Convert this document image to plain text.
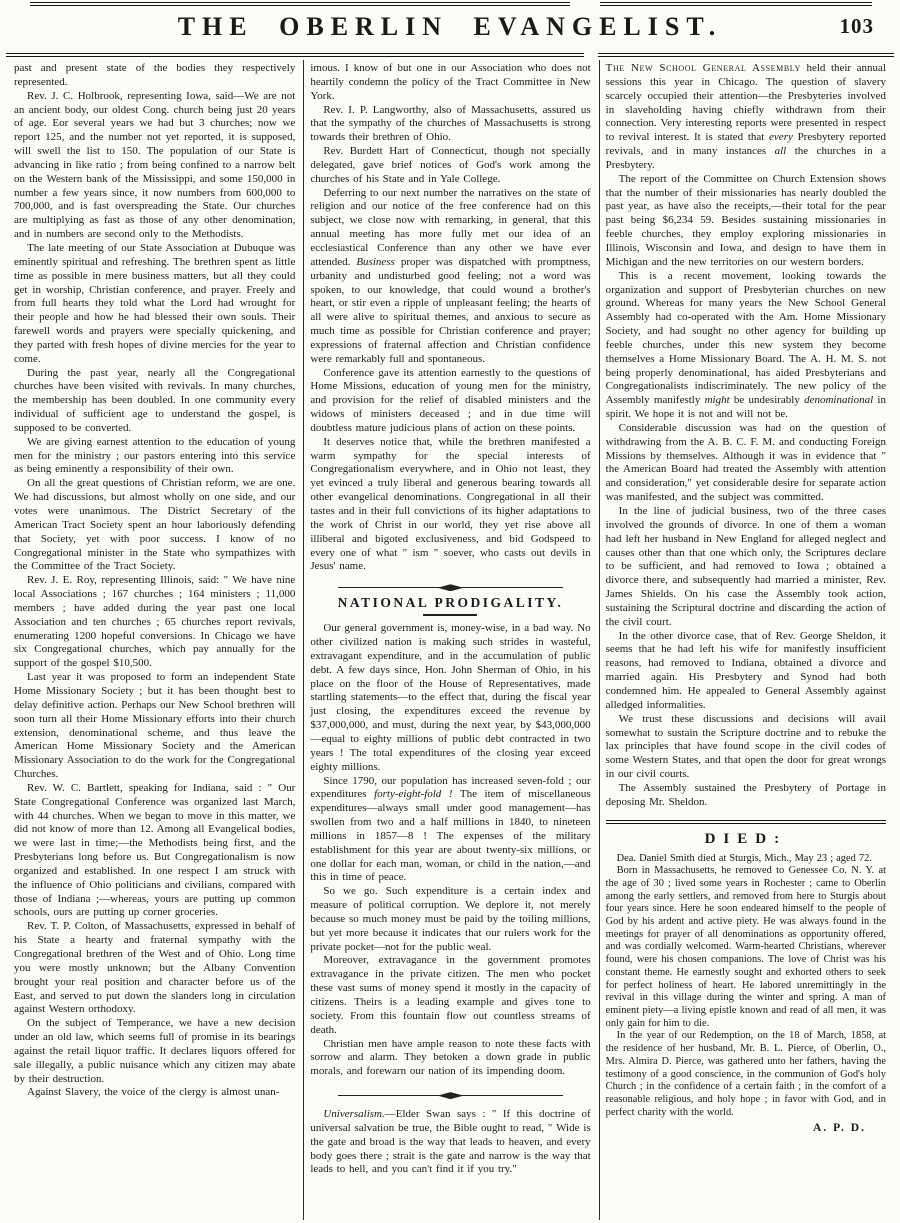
THE OBERLIN EVANGELIST.	103

past and present state of the bodies they respectively represented.

Rev. J. C. Holbrook, representing Iowa, said—We are not an ancient body, our oldest Cong. church being just 20 years of age. Eor several years we had but 3 churches; now we report 125, and the number not yet reported, it is supposed, will swell the list to 150. The population of our State is advancing in like ratio ; from being confined to a narrow belt on the Western bank of the Mississippi, and some 150,000 in number a few years since, it now numbers from 600,000 to 700,000, and is fast overspreading the State. Our churches are multiplying as fast as those of any other denomination, and in numbers are second only to the Methodists.

The late meeting of our State Association at Dubuque was eminently spiritual and refreshing. The brethren spent as little time as possible in mere business matters, but all they could get in worship, Christian conference, and prayer. Freely and from full hearts they told what the Lord had wrought for their people and how he had blessed their own souls. Their farewell words and prayers were specially quickening, and they parted with fresh hopes of divine mercies for the year to come.

During the past year, nearly all the Congregational churches have been visited with revivals. In many churches, the membership has been doubled. In one community every individual of sufficient age to understand the gospel, is supposed to be converted.

We are giving earnest attention to the education of young men for the ministry ; our pastors entering into this service as being eminently a responsibility of their own.

On all the great questions of Christian reform, we are one. We had discussions, but almost wholly on one side, and our votes were unanimous. The District Secretary of the American Tract Society spent an hour laboriously defending that Society, yet with poor success. I know of no Congregational minister in the State who sympathizes with the Committee of the Tract Society.

Rev. J. E. Roy, representing Illinois, said: " We have nine local Associations ; 167 churches ; 164 ministers ; 11,000 members ; have added during the year past one local Association and ten churches ; 65 churches report revivals, enumerating 1200 hopeful conversions. In Chicago we have six Congregational churches, which pay annually for the support of the gospel $10,500.

Last year it was proposed to form an independent State Home Missionary Society ; but it has been thought best to delay definitive action. Perhaps our New School brethren will soon turn all their Home Missionary efforts into their church extension, denominational scheme, and thus leave the American Home Missionary Society and the American Missionary Association to do the work for the Congregational Churches.

Rev. W. C. Bartlett, speaking for Indiana, said : " Our State Congregational Conference was organized last March, with 44 churches. When we began to move in this matter, we did not know of more than 12. Among all Evangelical bodies, we were last in time;—the Methodists being first, and the Presbyterians long before us. But Congregationalism is now organized and established. In one respect I am struck with the influence of Ohio politicians and civilians, compared with those of Indiana ;—whereas, yours are putting up common schools, ours are putting up corner groceries.

Rev. T. P. Colton, of Massachusetts, expressed in behalf of his State a hearty and fraternal sympathy with the Congregational brethren of the West and of Ohio. Long time you were mostly unknown; but the Albany Convention brought your real position and character before us of the East, and served to put down the slanders long in circulation against Western orthodoxy.

On the subject of Temperance, we have a new decision under an old law, which seems full of promise in its bearings against the retail liquor traffic. It declares liquors offered for sale illegally, a public nuisance which any citizen may abate by their destruction.

Against Slavery, the voice of the clergy is almost unan-

imous. I know of but one in our Association who does not heartily condemn the policy of the Tract Committee in New York.

Rev. I. P. Langworthy, also of Massachusetts, assured us that the sympathy of the churches of Massachusetts is strong towards their brethren of Ohio.

Rev. Burdett Hart of Connecticut, though not specially delegated, gave brief notices of God's work among the churches of his State and in Yale College.

Deferring to our next number the narratives on the state of religion and our notice of the free conference had on this subject, we close now with remarking, in general, that this annual meeting has more fully met our idea of an ecclesiastical Conference than any other we have ever attended. Business proper was dispatched with promptness, urbanity and undisturbed good feeling; not a word was spoken, to our knowledge, that could wound a brother's heart, or stir even a ripple of unpleasant feeling; the hearts of all were alive to spiritual themes, and anxious to secure as much time as possible for Christian conference and prayer; expressions of fraternal affection and Christian confidence were remarkably full and spontaneous.

Conference gave its attention earnestly to the questions of Home Missions, education of young men for the ministry, and provision for the relief of disabled ministers and the widows of ministers deceased ; and in due time will doubtless mature judicious plans of action on these points.

It deserves notice that, while the brethren manifested a warm sympathy for the special interests of Congregationalism everywhere, and in Ohio not least, they yet evinced a truly liberal and generous bearing towards all other evangelical denominations. Congregational in all their tastes and in their full convictions of its higher adaptations to the work of Christ in our world, they yet rise above all illiberal and bigoted exclusiveness, and bid Godspeed to every one of what " ism " soever, who casts out devils in Jesus' name.

NATIONAL PRODIGALITY.

Our general government is, money-wise, in a bad way. No other civilized nation is making such strides in wasteful, extravagant expenditure, and in the accumulation of public debt. A few days since, Hon. John Sherman of Ohio, in his place on the floor of the House of Representatives, made startling statements—to the effect that, during the fiscal year just closing, the expenditures exceed the revenue by $37,000,000, and must, during the next year, by $43,000,000—equal to eighty millions of public debt contracted in two years ! The total expenditures of the closing year exceed eighty millions.

Since 1790, our population has increased seven-fold ; our expenditures forty-eight-fold ! The item of miscellaneous expenditures—always small under good management—has swollen from two and a half millions in 1840, to nineteen millions in 1857—8 ! The expenses of the military establishment for this year are about twenty-six millions, or one dollar for each man, woman, or child in the nation,—and this in time of peace.

So we go. Such expenditure is a certain index and measure of political corruption. We deplore it, not merely because so much money must be paid by the toiling millions, but yet more because it indicates that our rulers work for the private pocket—not for the public weal.

Moreover, extravagance in the government promotes extravagance in the private citizen. The men who pocket these vast sums of money spend it mostly in the capacity of citizens. Theirs is a leading example and gives tone to society. From this fountain flow out countless streams of death.

Christian men have ample reason to note these facts with sorrow and alarm. They betoken a down grade in public morals, and forewarn our nation of its impending doom.

Universalism.—Elder Swan says : " If this doctrine of universal salvation be true, the Bible ought to read, " Wide is the gate and broad is the way that leads to heaven, and every body goes there ; strait is the gate and narrow is the way that leads to hell, and you can't find it if you try."

The New School General Assembly held their annual sessions this year in Chicago. The question of slavery scarcely occupied their attention—the Presbyteries involved in slaveholding having chiefly withdrawn from their connection. Very interesting reports were presented in respect to revival interest. It is stated that every Presbytery reported revivals, and in many instances all the churches in a Presbytery.

The report of the Committee on Church Extension shows that the number of their missionaries has nearly doubled the past year, as have also the receipts,—their total for the pear past being $6,234 59. Besides sustaining missionaries in feeble churches, they employ exploring missionaries in Illinois, Wisconsin and Iowa, and design to have them in Michigan and the new territories on our western borders.

This is a recent movement, looking towards the organization and support of Presbyterian churches on new ground. Whereas for many years the New School General Assembly had co-operated with the Am. Home Missionary Society, and had sought no other agency for building up feeble churches, under this new system they become themselves a Home Missionary Board. The A. H. M. S. not being properly denominational, has aided Presbyterians and Congregationalists indiscriminately. The new policy of the Assembly manifestly might be undesirably denominational in spirit. We hope it is not and will not be.

Considerable discussion was had on the question of withdrawing from the A. B. C. F. M. and conducting Foreign Missions by themselves. Although it was in evidence that " the American Board had treated the Assembly with attention and consideration," yet considerable desire for separate action was manifested, and the subject was committed.

In the line of judicial business, two of the three cases involved the grounds of divorce. In one of them a woman had left her husband in New England for alleged neglect and causes other than that one which only, the Scriptures declare to be sufficient, and had removed to Iowa ; obtained a divorce there, and subsequently had married a minister, Rev. James Shields. On his case the Assembly took action, sustaining the Scriptural doctrine and discarding the action of the civil court.

In the other divorce case, that of Rev. George Sheldon, it seems that he had left his wife for manifestly insufficient reasons, had removed to Indiana, obtained a divorce and married again. His Presbytery and Synod had both condemned him. He appealed to General Assembly against alledged informalities.

We trust these discussions and decisions will avail somewhat to sustain the Scripture doctrine and to rebuke the lax principles that have found scope in the civil codes of some Western States, and that open the door for great wrongs in our civil courts.

The Assembly sustained the Presbytery of Portage in deposing Mr. Sheldon.

DIED:

Dea. Daniel Smith died at Sturgis, Mich., May 23 ; aged 72.

Born in Massachusetts, he removed to Genessee Co. N. Y. at the age of 30 ; lived some years in Rochester ; came to Oberlin among the early settlers, and removed from here to Sturgis about four years since. Here he soon endeared himself to the people of God by his ardent and active piety. He was always found in the meetings for prayer of all denominations as opportunity offered, and was cordially welcomed. Warm-hearted Christians, wherever found, were his chosen companions. The love of Christ was his constant theme. He earnestly sought and exhorted others to seek for perfect holiness of heart. He labored unremittingly in the revival in this village during the winter and spring. A man of eminent piety—a living epistle known and read of all men, it was only gain for him to die.

In the year of our Redemption, on the 18 of March, 1858, at the residence of her husband, Mr. B. L. Pierce, of Oberlin, O., Mrs. Almira D. Pierce, was gathered unto her fathers, having the testimony of a good conscience, in the communion of God's holy Church ; in the confidence of a certain faith ; in the comfort of a reasonable religious, and holy hope ; in favor with God, and in perfect charity with the world.

A. P. D.
